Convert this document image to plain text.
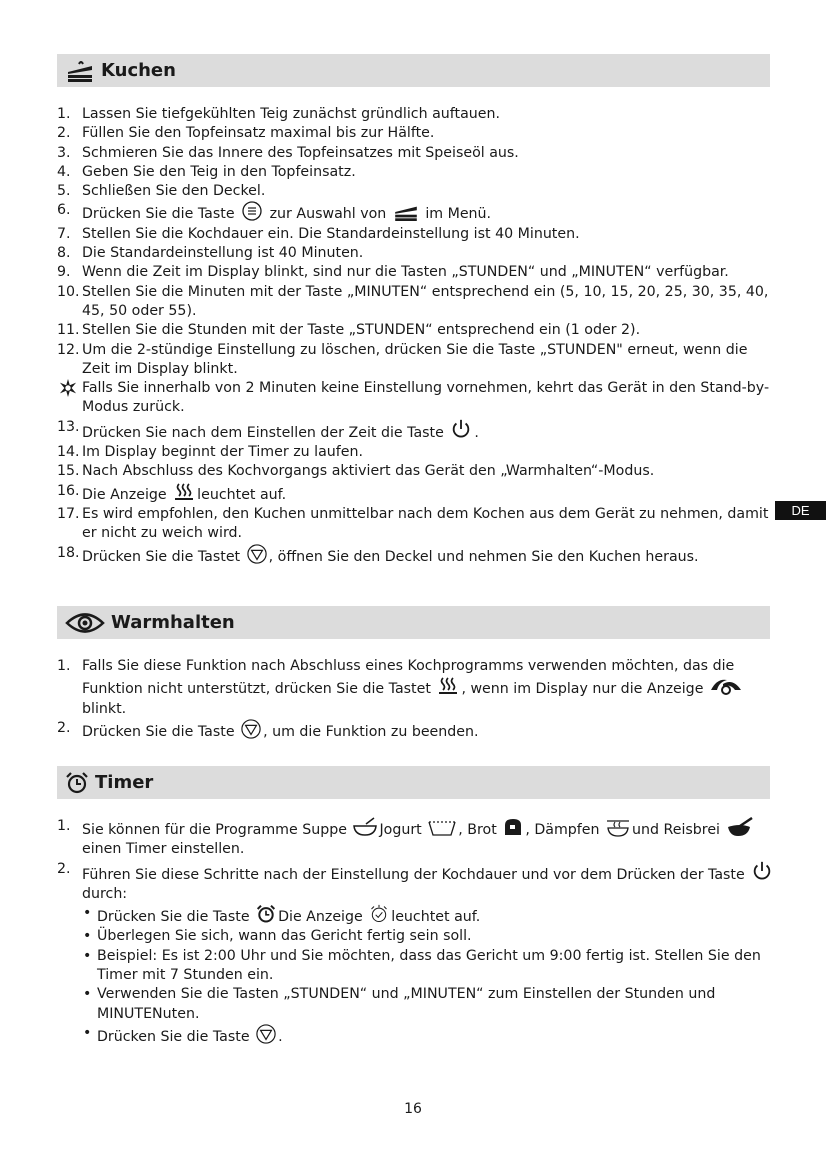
Kuchen
1. Lassen Sie tiefgekühlten Teig zunächst gründlich auftauen.
2. Füllen Sie den Topfeinsatz maximal bis zur Hälfte.
3. Schmieren Sie das Innere des Topfeinsatzes mit Speiseöl aus.
4. Geben Sie den Teig in den Topfeinsatz.
5. Schließen Sie den Deckel.
6. Drücken Sie die Taste zur Auswahl von	im Menü.
7. Stellen Sie die Kochdauer ein. Die Standardeinstellung ist 40 Minuten.
8. Die Standardeinstellung ist 40 Minuten.
9. Wenn die Zeit im Display blinkt, sind nur die Tasten „STUNDEN“ und „MINUTEN“ verfügbar.
10. Stellen Sie die Minuten mit der Taste „MINUTEN“ entsprechend ein (5, 10, 15, 20, 25, 30, 35, 40, 45, 50 oder 55).
11. Stellen Sie die Stunden mit der Taste „STUNDEN“ entsprechend ein (1 oder 2).
12. Um die 2-stündige Einstellung zu löschen, drücken Sie die Taste „STUNDEN" erneut, wenn die Zeit im Display blinkt.
Falls Sie innerhalb von 2 Minuten keine Einstellung vornehmen, kehrt das Gerät in den Stand-by-Modus zurück.
13. Drücken Sie nach dem Einstellen der Zeit die Taste .
14. Im Display beginnt der Timer zu laufen.
15. Nach Abschluss des Kochvorgangs aktiviert das Gerät den „Warmhalten“-Modus.
16. Die Anzeige leuchtet auf.
17. Es wird empfohlen, den Kuchen unmittelbar nach dem Kochen aus dem Gerät zu nehmen, damit er nicht zu weich wird.
18. Drücken Sie die Tastet , öffnen Sie den Deckel und nehmen Sie den Kuchen heraus.
Warmhalten
1. Falls Sie diese Funktion nach Abschluss eines Kochprogramms verwenden möchten, das die Funktion nicht unterstützt, drücken Sie die Tastet , wenn im Display nur die Anzeige blinkt.
2. Drücken Sie die Taste , um die Funktion zu beenden.
Timer
1. Sie können für die Programme Suppe Jogurt	, Brot , Dämpfen und Reisbrei einen Timer einstellen.
2. Führen Sie diese Schritte nach der Einstellung der Kochdauer und vor dem Drücken der Taste durch:
• Drücken Sie die Taste Die Anzeige leuchtet auf.
• Überlegen Sie sich, wann das Gericht fertig sein soll.
• Beispiel: Es ist 2:00 Uhr und Sie möchten, dass das Gericht um 9:00 fertig ist. Stellen Sie den Timer mit 7 Stunden ein.
• Verwenden Sie die Tasten „STUNDEN“ und „MINUTEN“ zum Einstellen der Stunden und MINUTENuten.
• Drücken Sie die Taste .
DE
16
